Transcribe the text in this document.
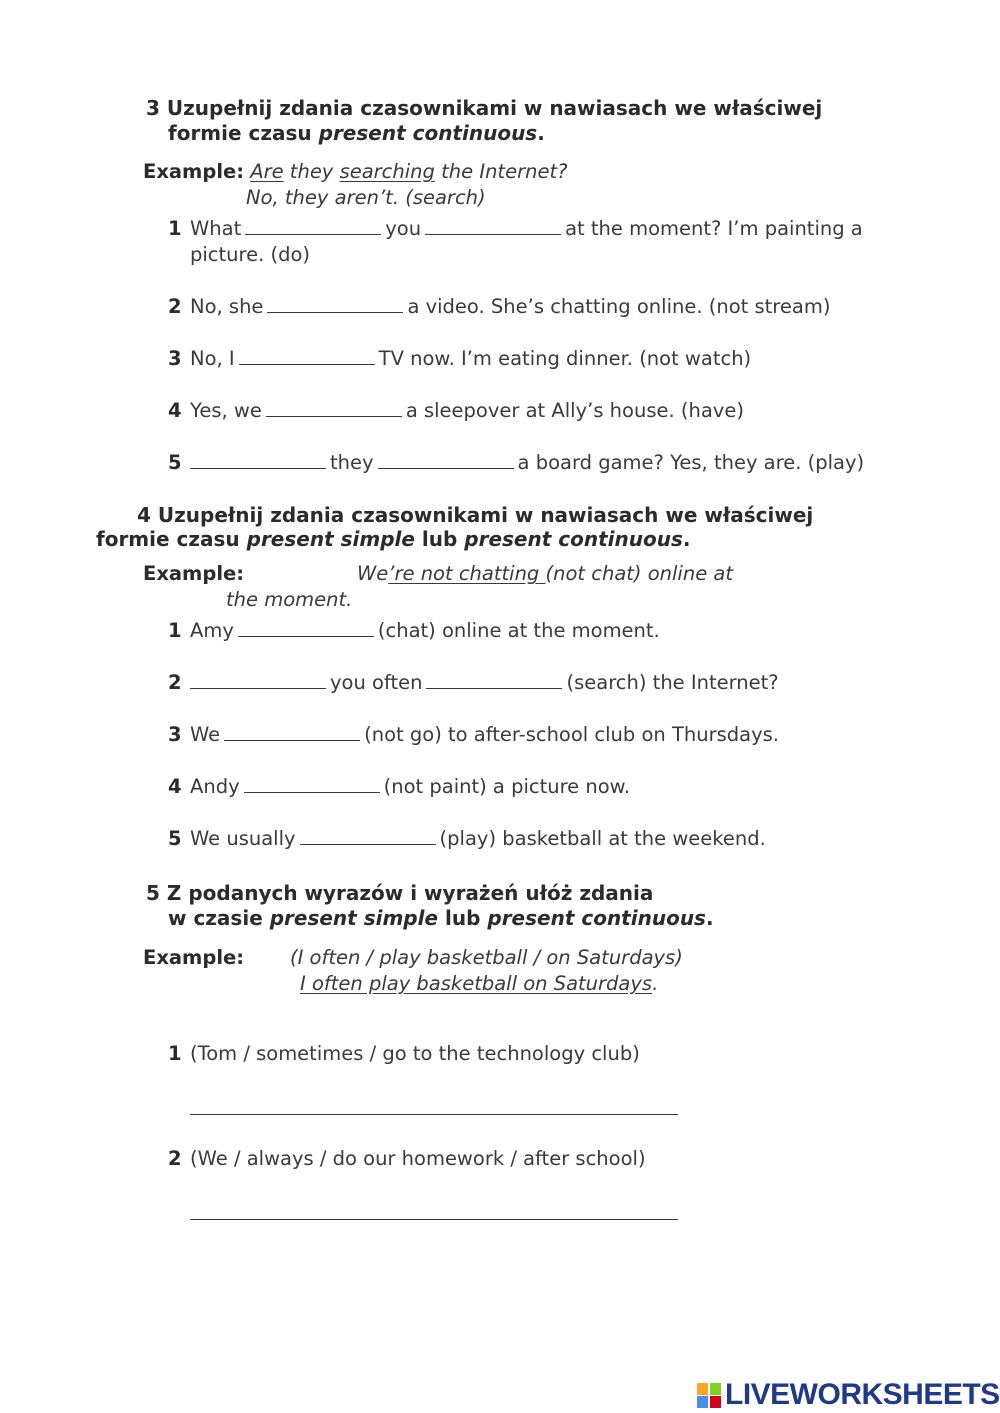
3 Uzupełnij zdania czasownikami w nawiasach we właściwej
formie czasu present continuous.
Example: Are they searching the Internet?
No, they aren’t. (search)
1 What	you	at the moment? I’m painting a
picture. (do)
2 No, she	a video. She’s chatting online. (not stream)
3 No, I	TV now. I’m eating dinner. (not watch)
4 Yes, we	a sleepover at Ally’s house. (have)
5	they	a board game? Yes, they are. (play)
4 Uzupełnij zdania czasownikami w nawiasach we właściwej
formie czasu present simple lub present continuous.
Example:	We’re not chatting (not chat) online at
the moment.
1 Amy	(chat) online at the moment.
2	you often	(search) the Internet?
3 We	(not go) to after-school club on Thursdays.
4 Andy	(not paint) a picture now.
5 We usually	(play) basketball at the weekend.
5 Z podanych wyrazów i wyrażeń ułóż zdania
w czasie present simple lub present continuous.
Example: (I often / play basketball / on Saturdays)
I often play basketball on Saturdays.
1 (Tom / sometimes / go to the technology club)
2 (We / always / do our homework / after school)
LIVEWORKSHEETS
